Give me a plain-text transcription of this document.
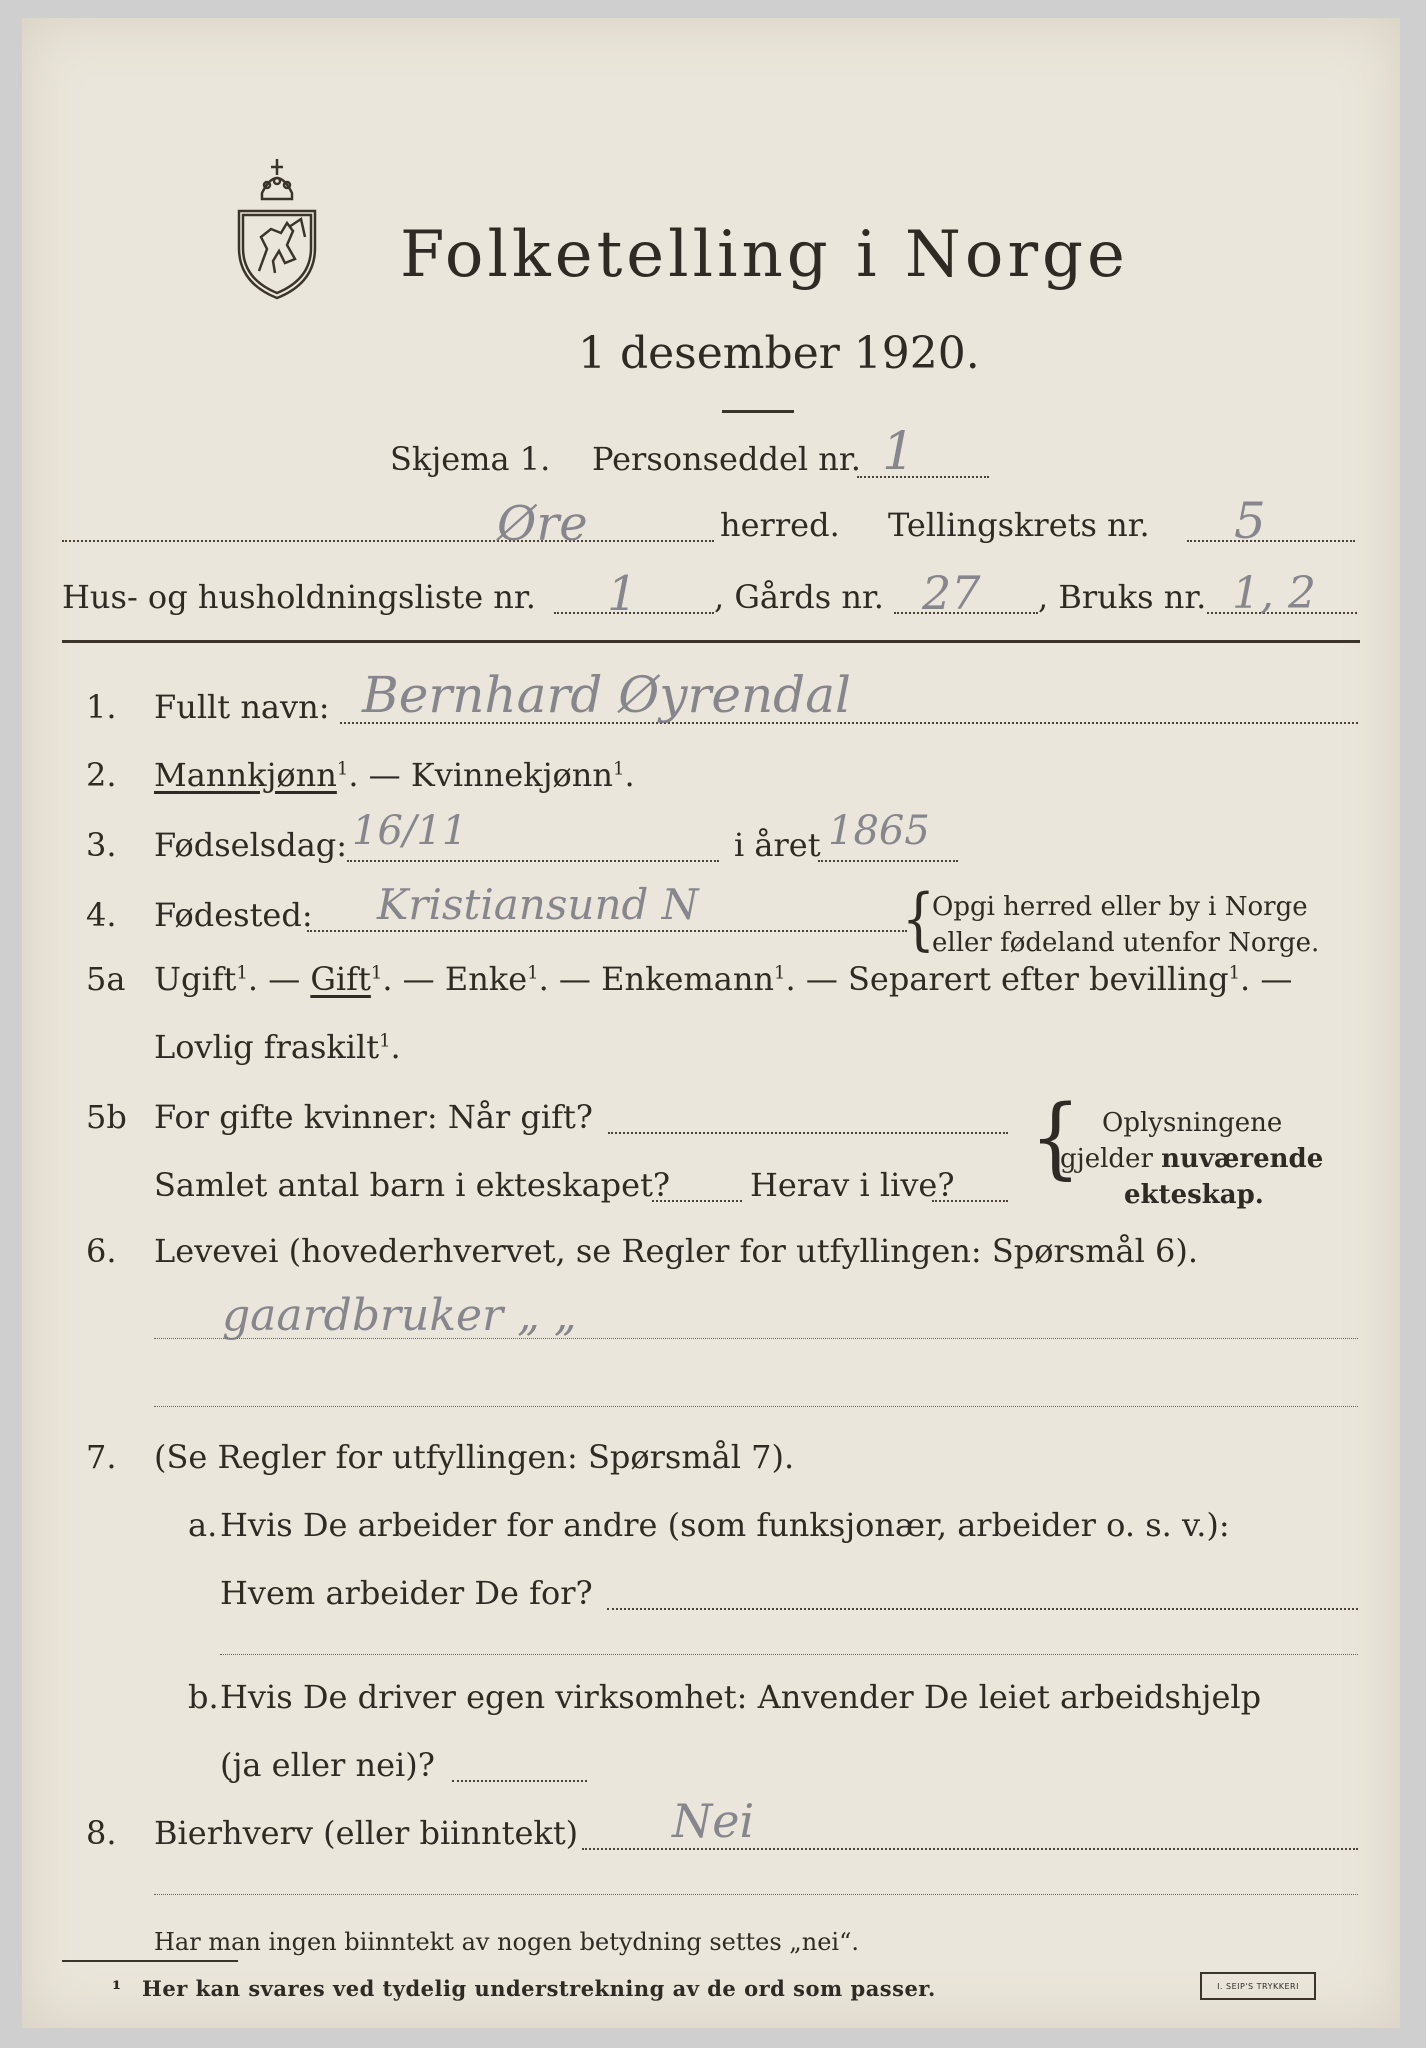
Folketelling i Norge
1 desember 1920.
Skjema 1. Personseddel nr. 1
Øre	herred. Tellingskrets nr. 5
Hus- og husholdningsliste nr. 1 , Gårds nr. 27 , Bruks nr. 1, 2
1. Fullt navn: Bernhard Øyrendal
2. Mannkjønn$^1$. — Kvinnekjønn$^1$.
3. Fødselsdag: 16/11	i året 1865
4. Fødested: Kristiansund N	{
Opgi herred eller by i Norge
eller fødeland utenfor Norge.
5a Ugift$^1$. — Gift$^1$. — Enke$^1$. — Enkemann$^1$. — Separert efter bevilling$^1$. —
Lovlig fraskilt$^1$.
5b For gifte kvinner: Når gift?
Samlet antal barn i ekteskapet? Herav i live? { Oplysningene
gjelder nuværende
ekteskap.
6. Levevei (hovederhvervet, se Regler for utfyllingen: Spørsmål 6).
gaardbruker „ „
7. (Se Regler for utfyllingen: Spørsmål 7).
a. Hvis De arbeider for andre (som funksjonær, arbeider o. s. v.):
Hvem arbeider De for?
b. Hvis De driver egen virksomhet: Anvender De leiet arbeidshjelp
(ja eller nei)?
8. Bierhverv (eller biinntekt) Nei
Har man ingen biinntekt av nogen betydning settes „nei“.
¹ Her kan svares ved tydelig understrekning av de ord som passer.	I. SEIP'S TRYKKERI
